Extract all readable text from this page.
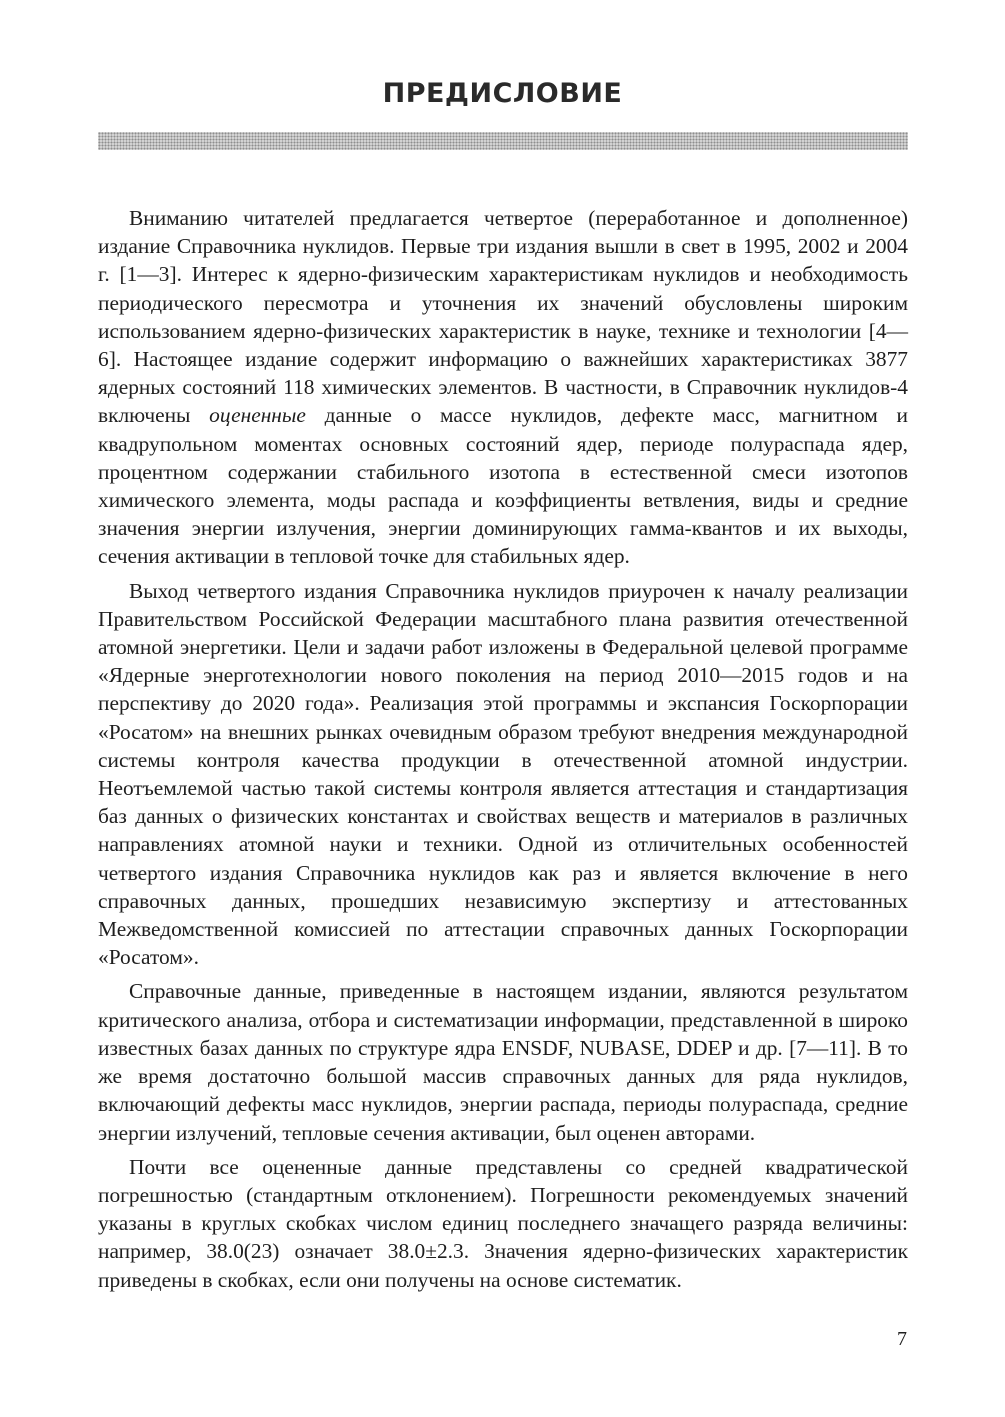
ПРЕДИСЛОВИЕ

Вниманию читателей предлагается четвертое (переработанное и дополненное) издание Справочника нуклидов. Первые три издания вышли в свет в 1995, 2002 и 2004 г. [1—3]. Интерес к ядерно-физическим характеристикам нуклидов и необходимость периодического пересмотра и уточнения их значений обусловлены широким использованием ядерно-физических характеристик в науке, технике и технологии [4—6]. Настоящее издание содержит информацию о важнейших характеристиках 3877 ядерных состояний 118 химических элементов. В частности, в Справочник нуклидов-4 включены оцененные данные о массе нуклидов, дефекте масс, магнитном и квадрупольном моментах основных состояний ядер, периоде полураспада ядер, процентном содержании стабильного изотопа в естественной смеси изотопов химического элемента, моды распада и коэффициенты ветвления, виды и средние значения энергии излучения, энергии доминирующих гамма-квантов и их выходы, сечения активации в тепловой точке для стабильных ядер.

Выход четвертого издания Справочника нуклидов приурочен к началу реализации Правительством Российской Федерации масштабного плана развития отечественной атомной энергетики. Цели и задачи работ изложены в Федеральной целевой программе «Ядерные энерготехнологии нового поколения на период 2010—2015 годов и на перспективу до 2020 года». Реализация этой программы и экспансия Госкорпорации «Росатом» на внешних рынках очевидным образом требуют внедрения международной системы контроля качества продукции в отечественной атомной индустрии. Неотъемлемой частью такой системы контроля является аттестация и стандартизация баз данных о физических константах и свойствах веществ и материалов в различных направлениях атомной науки и техники. Одной из отличительных особенностей четвертого издания Справочника нуклидов как раз и является включение в него справочных данных, прошедших независимую экспертизу и аттестованных Межведомственной комиссией по аттестации справочных данных Госкорпорации «Росатом».

Справочные данные, приведенные в настоящем издании, являются результатом критического анализа, отбора и систематизации информации, представленной в широко известных базах данных по структуре ядра ENSDF, NUBASE, DDEP и др. [7—11]. В то же время достаточно большой массив справочных данных для ряда нуклидов, включающий дефекты масс нуклидов, энергии распада, периоды полураспада, средние энергии излучений, тепловые сечения активации, был оценен авторами.

Почти все оцененные данные представлены со средней квадратической погрешностью (стандартным отклонением). Погрешности рекомендуемых значений указаны в круглых скобках числом единиц последнего значащего разряда величины: например, 38.0(23) означает 38.0±2.3. Значения ядерно-физических характеристик приведены в скобках, если они получены на основе систематик.

7
